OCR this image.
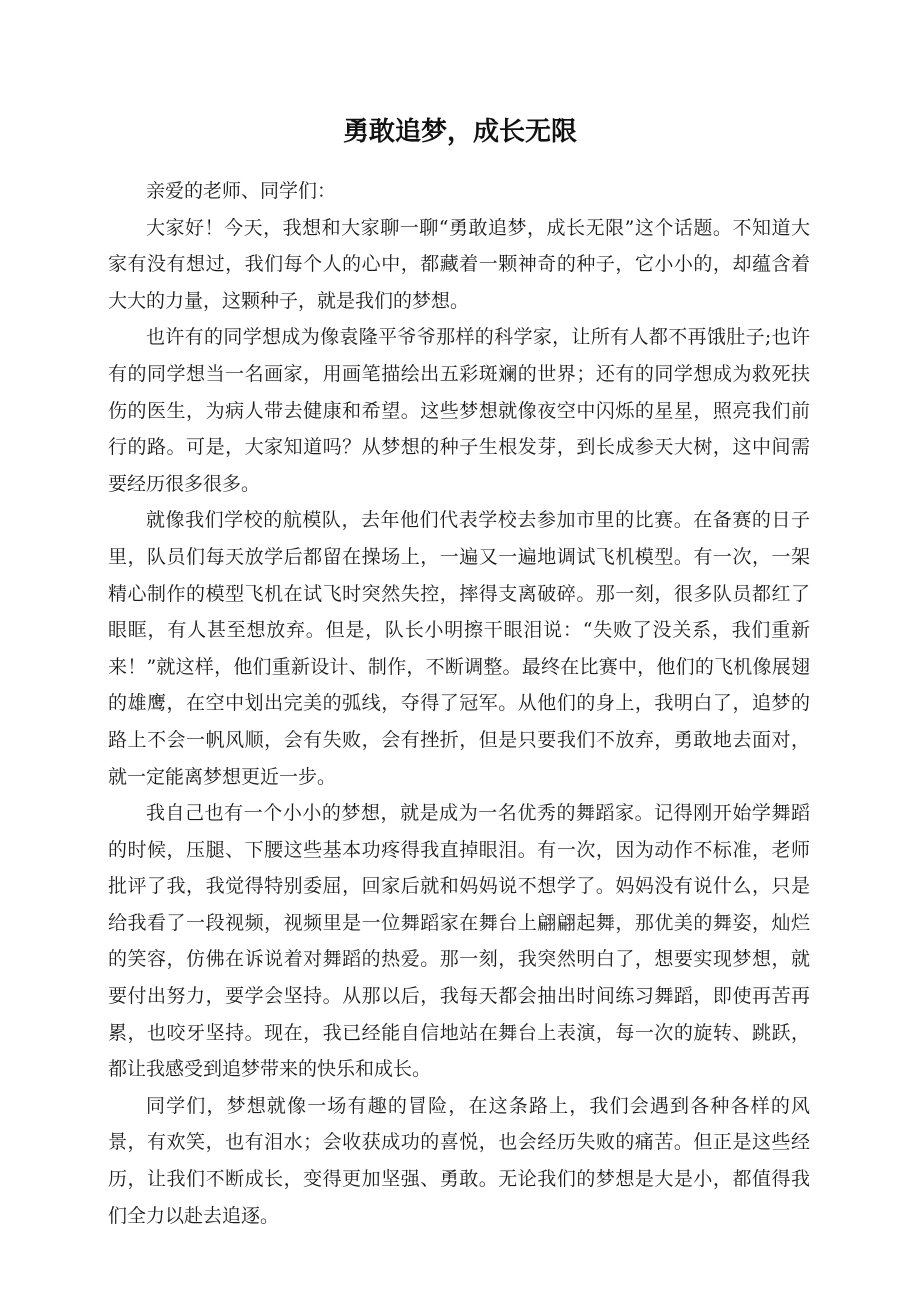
勇敢追梦，成长无限

亲爱的老师、同学们：

大家好！今天，我想和大家聊一聊“勇敢追梦，成长无限”这个话题。不知道大家有没有想过，我们每个人的心中，都藏着一颗神奇的种子，它小小的，却蕴含着大大的力量，这颗种子，就是我们的梦想。

也许有的同学想成为像袁隆平爷爷那样的科学家，让所有人都不再饿肚子;也许有的同学想当一名画家，用画笔描绘出五彩斑斓的世界；还有的同学想成为救死扶伤的医生，为病人带去健康和希望。这些梦想就像夜空中闪烁的星星，照亮我们前行的路。可是，大家知道吗？从梦想的种子生根发芽，到长成参天大树，这中间需要经历很多很多。

就像我们学校的航模队，去年他们代表学校去参加市里的比赛。在备赛的日子里，队员们每天放学后都留在操场上，一遍又一遍地调试飞机模型。有一次，一架精心制作的模型飞机在试飞时突然失控，摔得支离破碎。那一刻，很多队员都红了眼眶，有人甚至想放弃。但是，队长小明擦干眼泪说：“失败了没关系，我们重新来！”就这样，他们重新设计、制作，不断调整。最终在比赛中，他们的飞机像展翅的雄鹰，在空中划出完美的弧线，夺得了冠军。从他们的身上，我明白了，追梦的路上不会一帆风顺，会有失败，会有挫折，但是只要我们不放弃，勇敢地去面对，就一定能离梦想更近一步。

我自己也有一个小小的梦想，就是成为一名优秀的舞蹈家。记得刚开始学舞蹈的时候，压腿、下腰这些基本功疼得我直掉眼泪。有一次，因为动作不标准，老师批评了我，我觉得特别委屈，回家后就和妈妈说不想学了。妈妈没有说什么，只是给我看了一段视频，视频里是一位舞蹈家在舞台上翩翩起舞，那优美的舞姿，灿烂的笑容，仿佛在诉说着对舞蹈的热爱。那一刻，我突然明白了，想要实现梦想，就要付出努力，要学会坚持。从那以后，我每天都会抽出时间练习舞蹈，即使再苦再累，也咬牙坚持。现在，我已经能自信地站在舞台上表演，每一次的旋转、跳跃，都让我感受到追梦带来的快乐和成长。

同学们，梦想就像一场有趣的冒险，在这条路上，我们会遇到各种各样的风景，有欢笑，也有泪水；会收获成功的喜悦，也会经历失败的痛苦。但正是这些经历，让我们不断成长，变得更加坚强、勇敢。无论我们的梦想是大是小，都值得我们全力以赴去追逐。
